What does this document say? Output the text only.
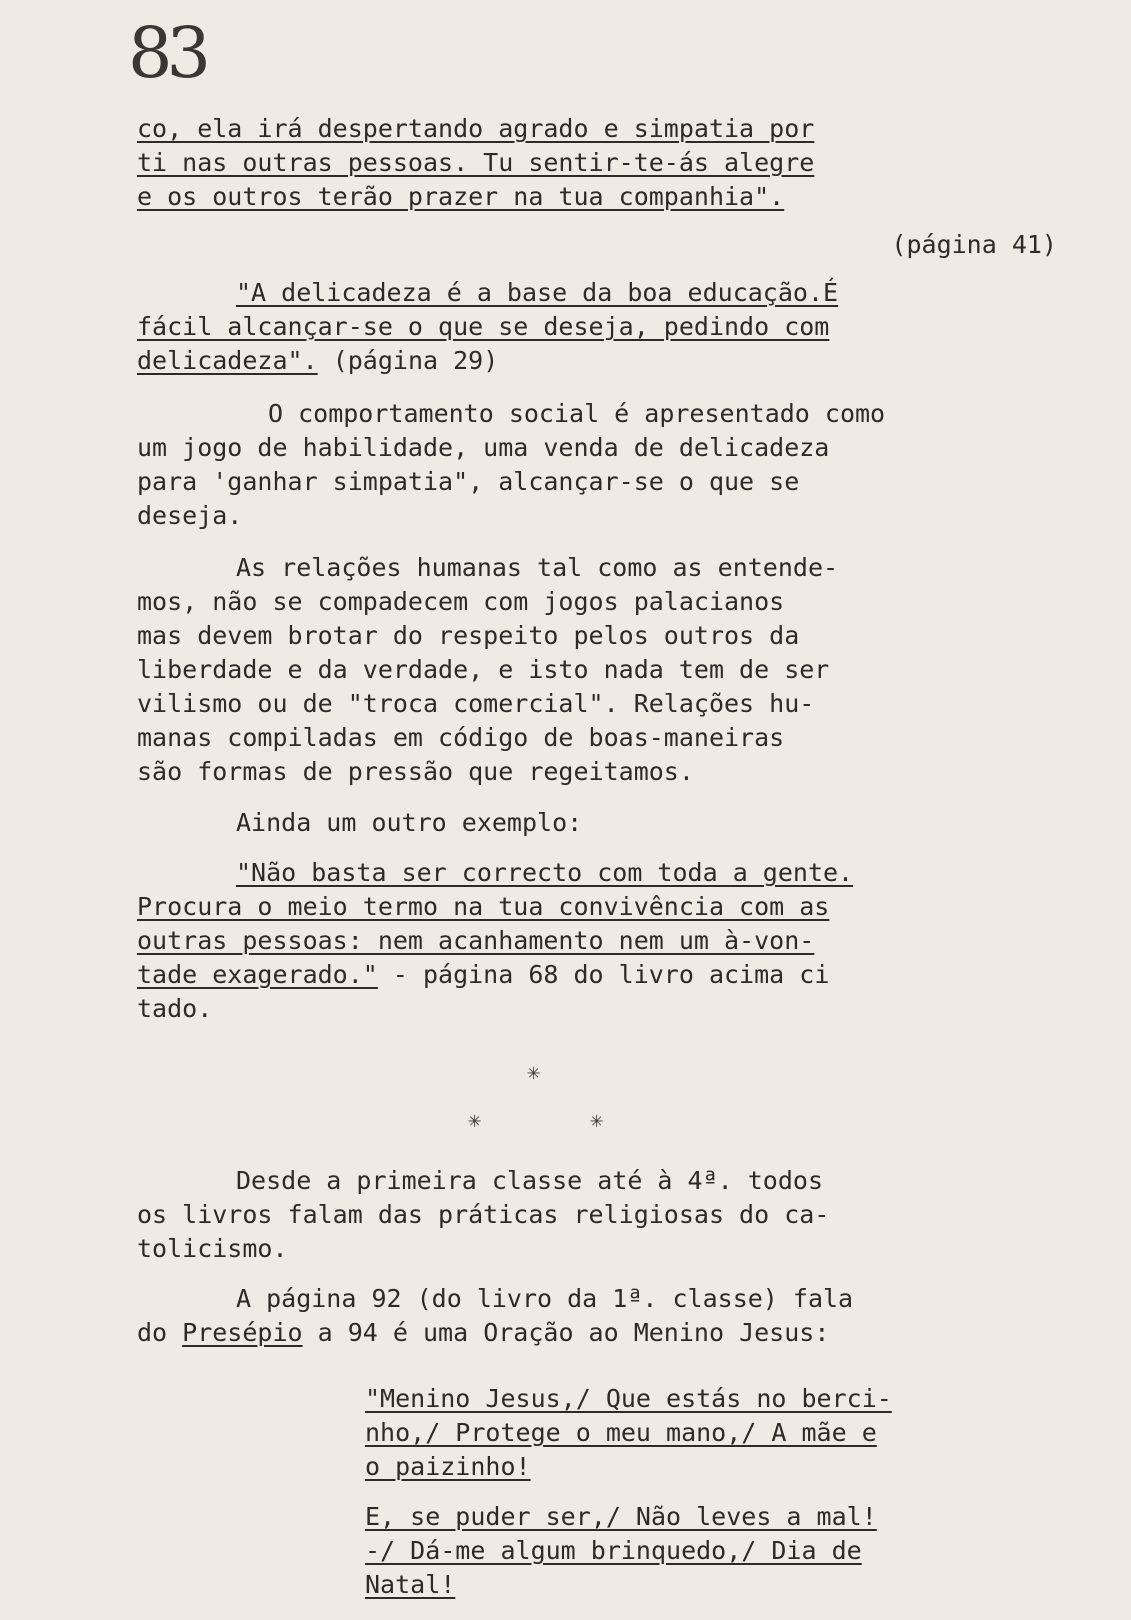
83
co, ela irá despertando agrado e simpatia por
ti nas outras pessoas. Tu sentir-te-ás alegre
e os outros terão prazer na tua companhia".
(página 41)
"A delicadeza é a base da boa educação.É
fácil alcançar-se o que se deseja, pedindo com
delicadeza". (página 29)
O comportamento social é apresentado como
um jogo de habilidade, uma venda de delicadeza
para 'ganhar simpatia", alcançar-se o que se
deseja.
As relações humanas tal como as entende-
mos, não se compadecem com jogos palacianos
mas devem brotar do respeito pelos outros da
liberdade e da verdade, e isto nada tem de ser
vilismo ou de "troca comercial". Relações hu-
manas compiladas em código de boas-maneiras
são formas de pressão que regeitamos.
Ainda um outro exemplo:
"Não basta ser correcto com toda a gente.
Procura o meio termo na tua convivência com as
outras pessoas: nem acanhamento nem um à-von-
tade exagerado." - página 68 do livro acima ci
tado.
✳
✳	✳
Desde a primeira classe até à 4ª. todos
os livros falam das práticas religiosas do ca-
tolicismo.
A página 92 (do livro da 1ª. classe) fala
do Presépio a 94 é uma Oração ao Menino Jesus:
"Menino Jesus,/ Que estás no berci-
nho,/ Protege o meu mano,/ A mãe e
o paizinho!
E, se puder ser,/ Não leves a mal!
-/ Dá-me algum brinquedo,/ Dia de
Natal!
